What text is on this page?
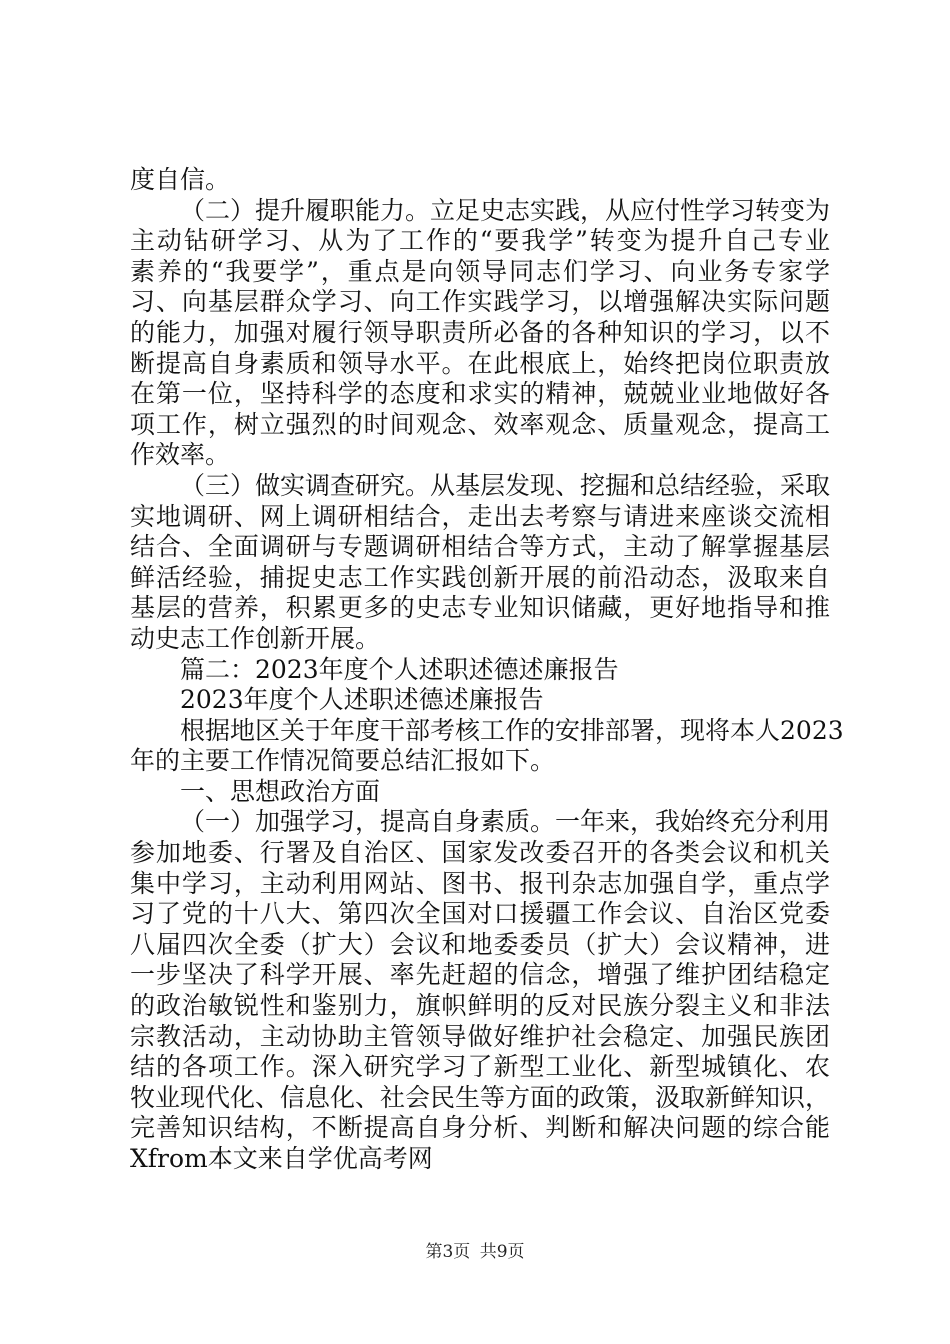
度自信。
（二）提升履职能力。立足史志实践，从应付性学习转变为
主动钻研学习、从为了工作的“要我学”转变为提升自己专业
素养的“我要学”，重点是向领导同志们学习、向业务专家学
习、向基层群众学习、向工作实践学习，以增强解决实际问题
的能力，加强对履行领导职责所必备的各种知识的学习，以不
断提高自身素质和领导水平。在此根底上，始终把岗位职责放
在第一位，坚持科学的态度和求实的精神，兢兢业业地做好各
项工作，树立强烈的时间观念、效率观念、质量观念，提高工
作效率。
（三）做实调查研究。从基层发现、挖掘和总结经验，采取
实地调研、网上调研相结合，走出去考察与请进来座谈交流相
结合、全面调研与专题调研相结合等方式，主动了解掌握基层
鲜活经验，捕捉史志工作实践创新开展的前沿动态，汲取来自
基层的营养，积累更多的史志专业知识储藏，更好地指导和推
动史志工作创新开展。
篇二：2023年度个人述职述德述廉报告
2023年度个人述职述德述廉报告
根据地区关于年度干部考核工作的安排部署，现将本人2023
年的主要工作情况简要总结汇报如下。
一、思想政治方面
（一）加强学习，提高自身素质。一年来，我始终充分利用
参加地委、行署及自治区、国家发改委召开的各类会议和机关
集中学习，主动利用网站、图书、报刊杂志加强自学，重点学
习了党的十八大、第四次全国对口援疆工作会议、自治区党委
八届四次全委（扩大）会议和地委委员（扩大）会议精神，进
一步坚决了科学开展、率先赶超的信念，增强了维护团结稳定
的政治敏锐性和鉴别力，旗帜鲜明的反对民族分裂主义和非法
宗教活动，主动协助主管领导做好维护社会稳定、加强民族团
结的各项工作。深入研究学习了新型工业化、新型城镇化、农
牧业现代化、信息化、社会民生等方面的政策，汲取新鲜知识，
完善知识结构，不断提高自身分析、判断和解决问题的综合能
Xfrom本文来自学优高考网
第3页 共9页
